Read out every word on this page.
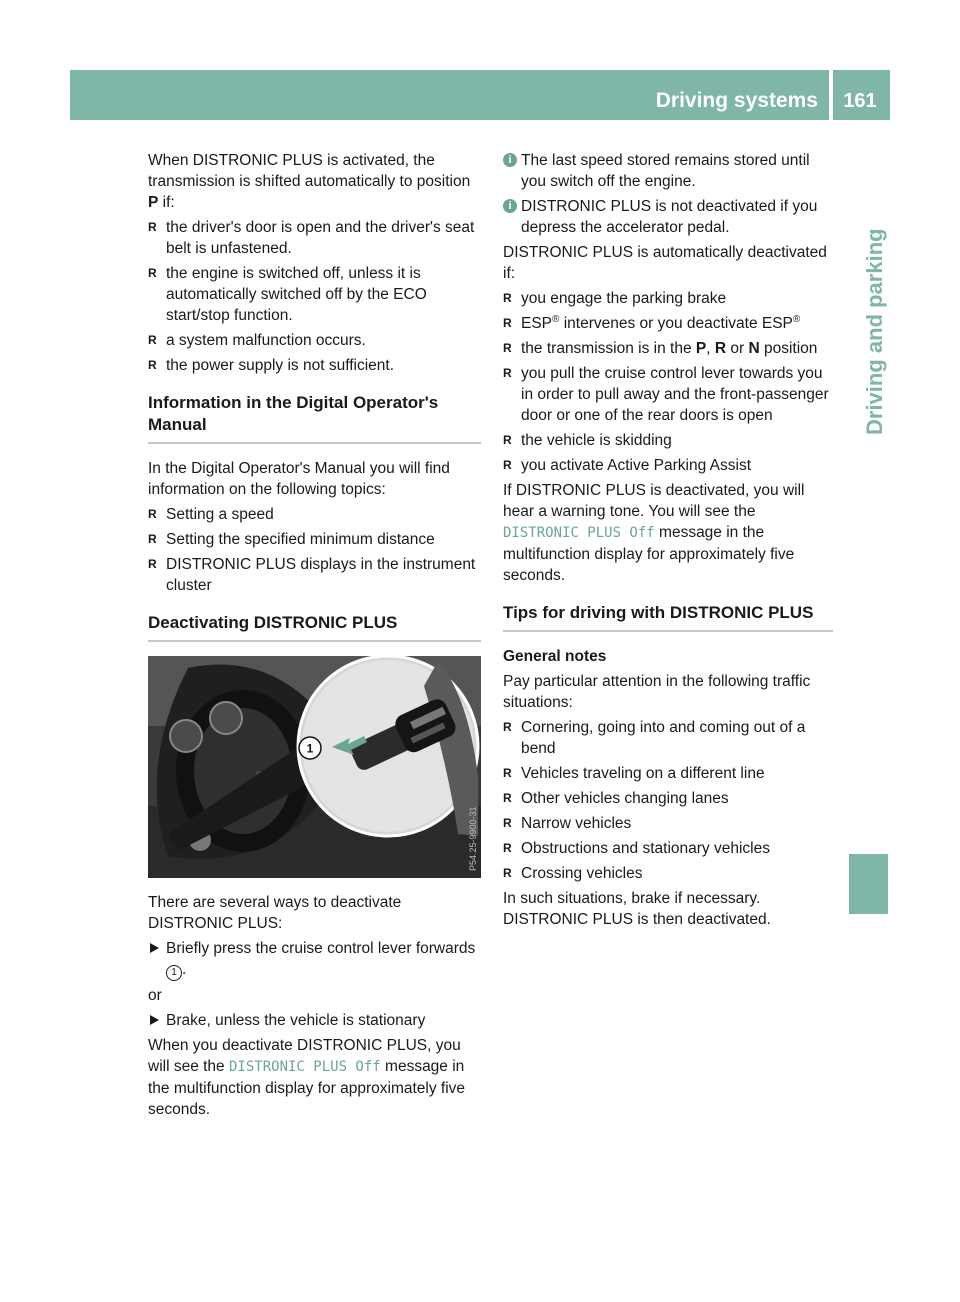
Driving systems	161
Driving and parking

When DISTRONIC PLUS is activated, the transmission is shifted automatically to position P if:

R the driver's door is open and the driver's seat belt is unfastened.
R the engine is switched off, unless it is automatically switched off by the ECO start/stop function.
R a system malfunction occurs.
R the power supply is not sufficient.
Information in the Digital Operator's Manual

In the Digital Operator's Manual you will find information on the following topics:

R Setting a speed
R Setting the specified minimum distance
R DISTRONIC PLUS displays in the instrument cluster
Deactivating DISTRONIC PLUS
1
P54.25-9900-31

There are several ways to deactivate DISTRONIC PLUS:

Briefly press the cruise control lever forwards 1 .

or

Brake, unless the vehicle is stationary

When you deactivate DISTRONIC PLUS, you will see the DISTRONIC PLUS Off message in the multifunction display for approximately five seconds.

i The last speed stored remains stored until you switch off the engine.
i DISTRONIC PLUS is not deactivated if you depress the accelerator pedal.

DISTRONIC PLUS is automatically deactivated if:

R you engage the parking brake
R ESP® intervenes or you deactivate ESP®
R the transmission is in the P, R or N position
R you pull the cruise control lever towards you in order to pull away and the front-passenger door or one of the rear doors is open
R the vehicle is skidding
R you activate Active Parking Assist

If DISTRONIC PLUS is deactivated, you will hear a warning tone. You will see the DISTRONIC PLUS Off message in the multifunction display for approximately five seconds.

Tips for driving with DISTRONIC PLUS
General notes

Pay particular attention in the following traffic situations:

R Cornering, going into and coming out of a bend
R Vehicles traveling on a different line
R Other vehicles changing lanes
R Narrow vehicles
R Obstructions and stationary vehicles
R Crossing vehicles

In such situations, brake if necessary.

DISTRONIC PLUS is then deactivated.
